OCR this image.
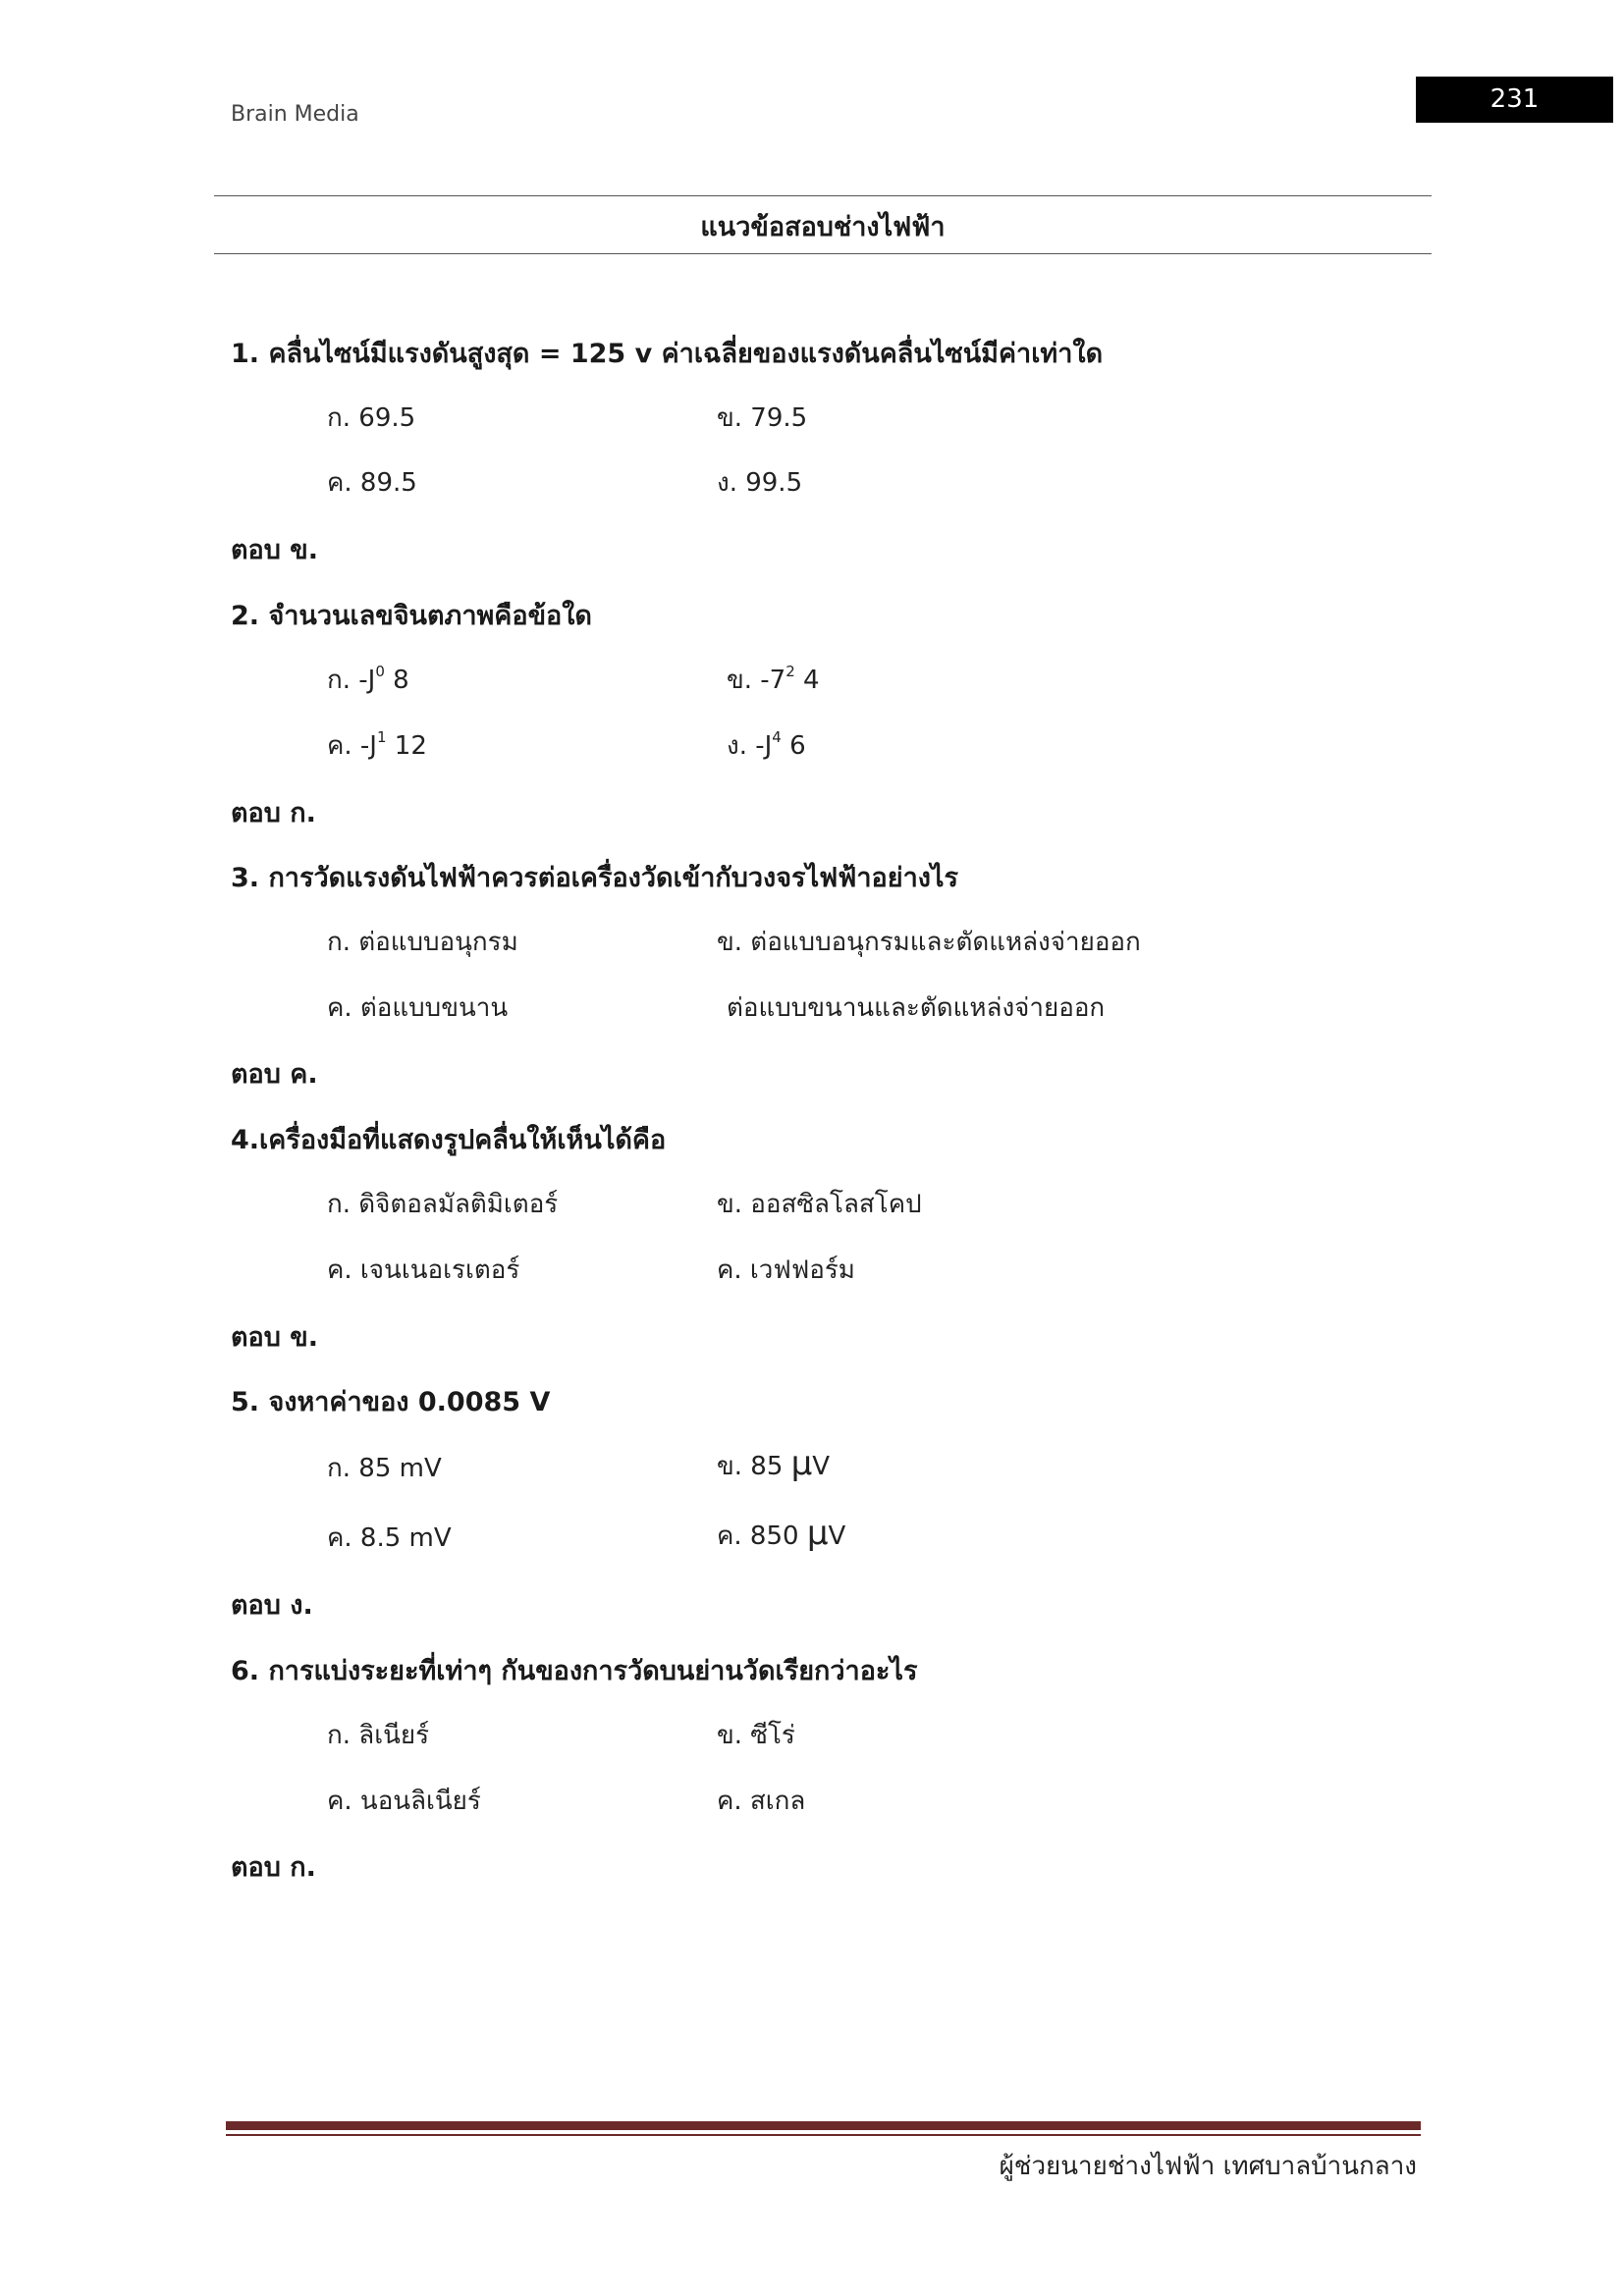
Brain Media
231
แนวข้อสอบช่างไฟฟ้า
1. คลื่นไซน์มีแรงดันสูงสุด = 125 v ค่าเฉลี่ยของแรงดันคลื่นไซน์มีค่าเท่าใด
ก. 69.5	ข. 79.5
ค. 89.5	ง. 99.5
ตอบ ข.
2. จำนวนเลขจินตภาพคือข้อใด
ก. $-J^0$ 8	ข. $-7^2$ 4
ค. $-J^1$ 12	ง. $-J^4$ 6
ตอบ ก.
3. การวัดแรงดันไฟฟ้าควรต่อเครื่องวัดเข้ากับวงจรไฟฟ้าอย่างไร
ก. ต่อแบบอนุกรม	ข. ต่อแบบอนุกรมและตัดแหล่งจ่ายออก
ค. ต่อแบบขนาน	ต่อแบบขนานและตัดแหล่งจ่ายออก
ตอบ ค.
4.เครื่องมือที่แสดงรูปคลื่นให้เห็นได้คือ
ก. ดิจิตอลมัลติมิเตอร์	ข. ออสซิลโลสโคป
ค. เจนเนอเรเตอร์	ค. เวฟฟอร์ม
ตอบ ข.
5. จงหาค่าของ 0.0085 V
ก. 85 mV	ข. 85 μV
ค. 8.5 mV	ค. 850 μV
ตอบ ง.
6. การแบ่งระยะที่เท่าๆ กันของการวัดบนย่านวัดเรียกว่าอะไร
ก. ลิเนียร์	ข. ซีโร่
ค. นอนลิเนียร์	ค. สเกล
ตอบ ก.
ผู้ช่วยนายช่างไฟฟ้า เทศบาลบ้านกลาง
